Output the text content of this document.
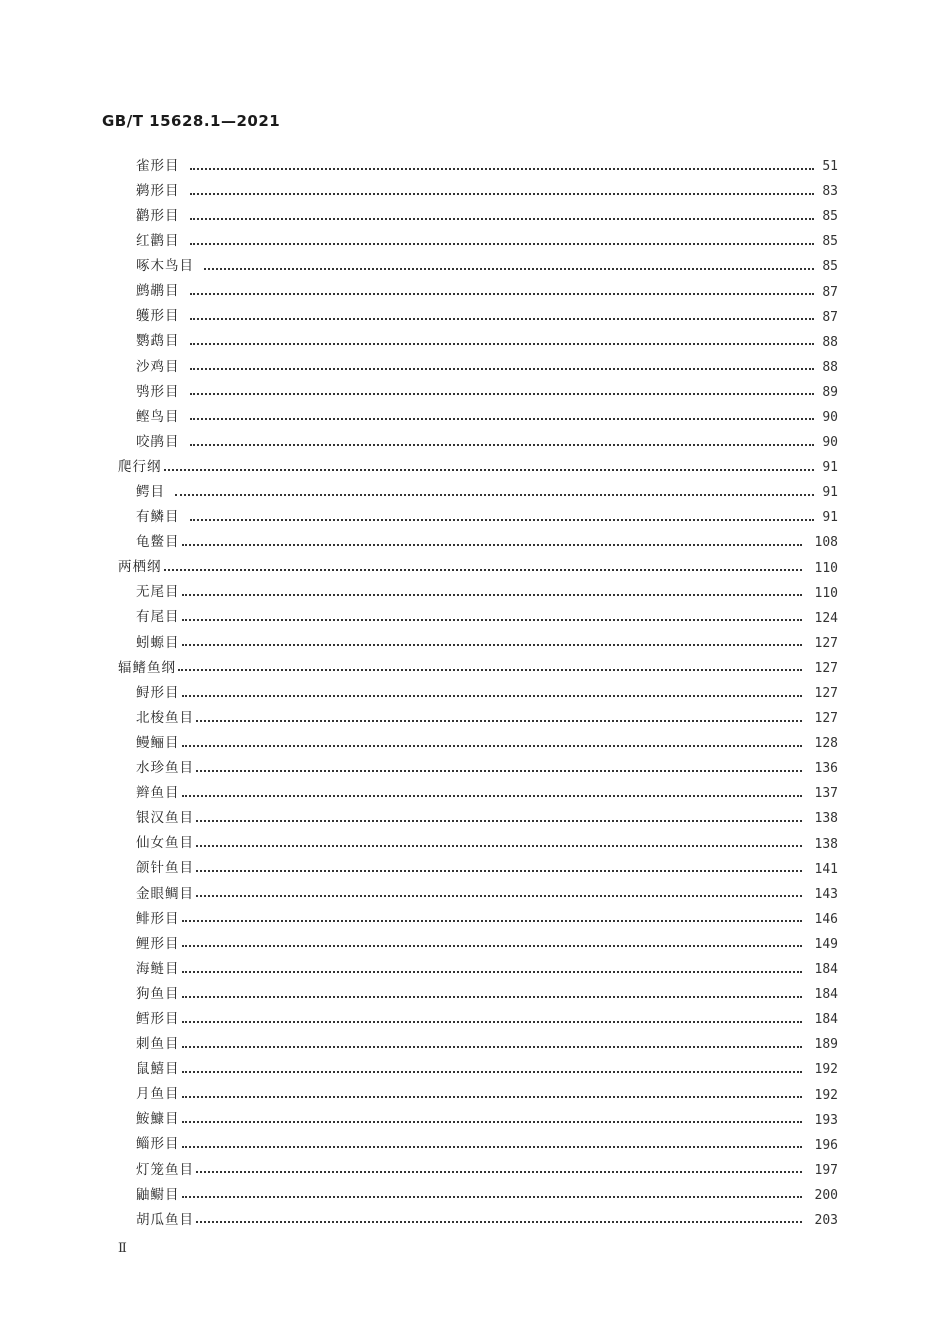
GB/T 15628.1—2021
雀形目	51
鹈形目	83
鹳形目	85
红鹳目	85
啄木鸟目	85
鹧鹕目	87
鹱形目	87
鹦鹉目	88
沙鸡目	88
鸮形目	89
鲣鸟目	90
咬鹃目	90
爬行纲	91
鳄目	91
有鳞目	91
龟鳖目	108
两栖纲	110
无尾目	110
有尾目	124
蚓螈目	127
辐鳍鱼纲	127
鲟形目	127
北梭鱼目	127
鳗鲡目	128
水珍鱼目	136
辫鱼目	137
银汉鱼目	138
仙女鱼目	138
颌针鱼目	141
金眼鲷目	143
鲱形目	146
鲤形目	149
海鲢目	184
狗鱼目	184
鳕形目	184
刺鱼目	189
鼠鱚目	192
月鱼目	192
鮟鱇目	193
鲻形目	196
灯笼鱼目	197
鼬鳚目	200
胡瓜鱼目	203
Ⅱ
